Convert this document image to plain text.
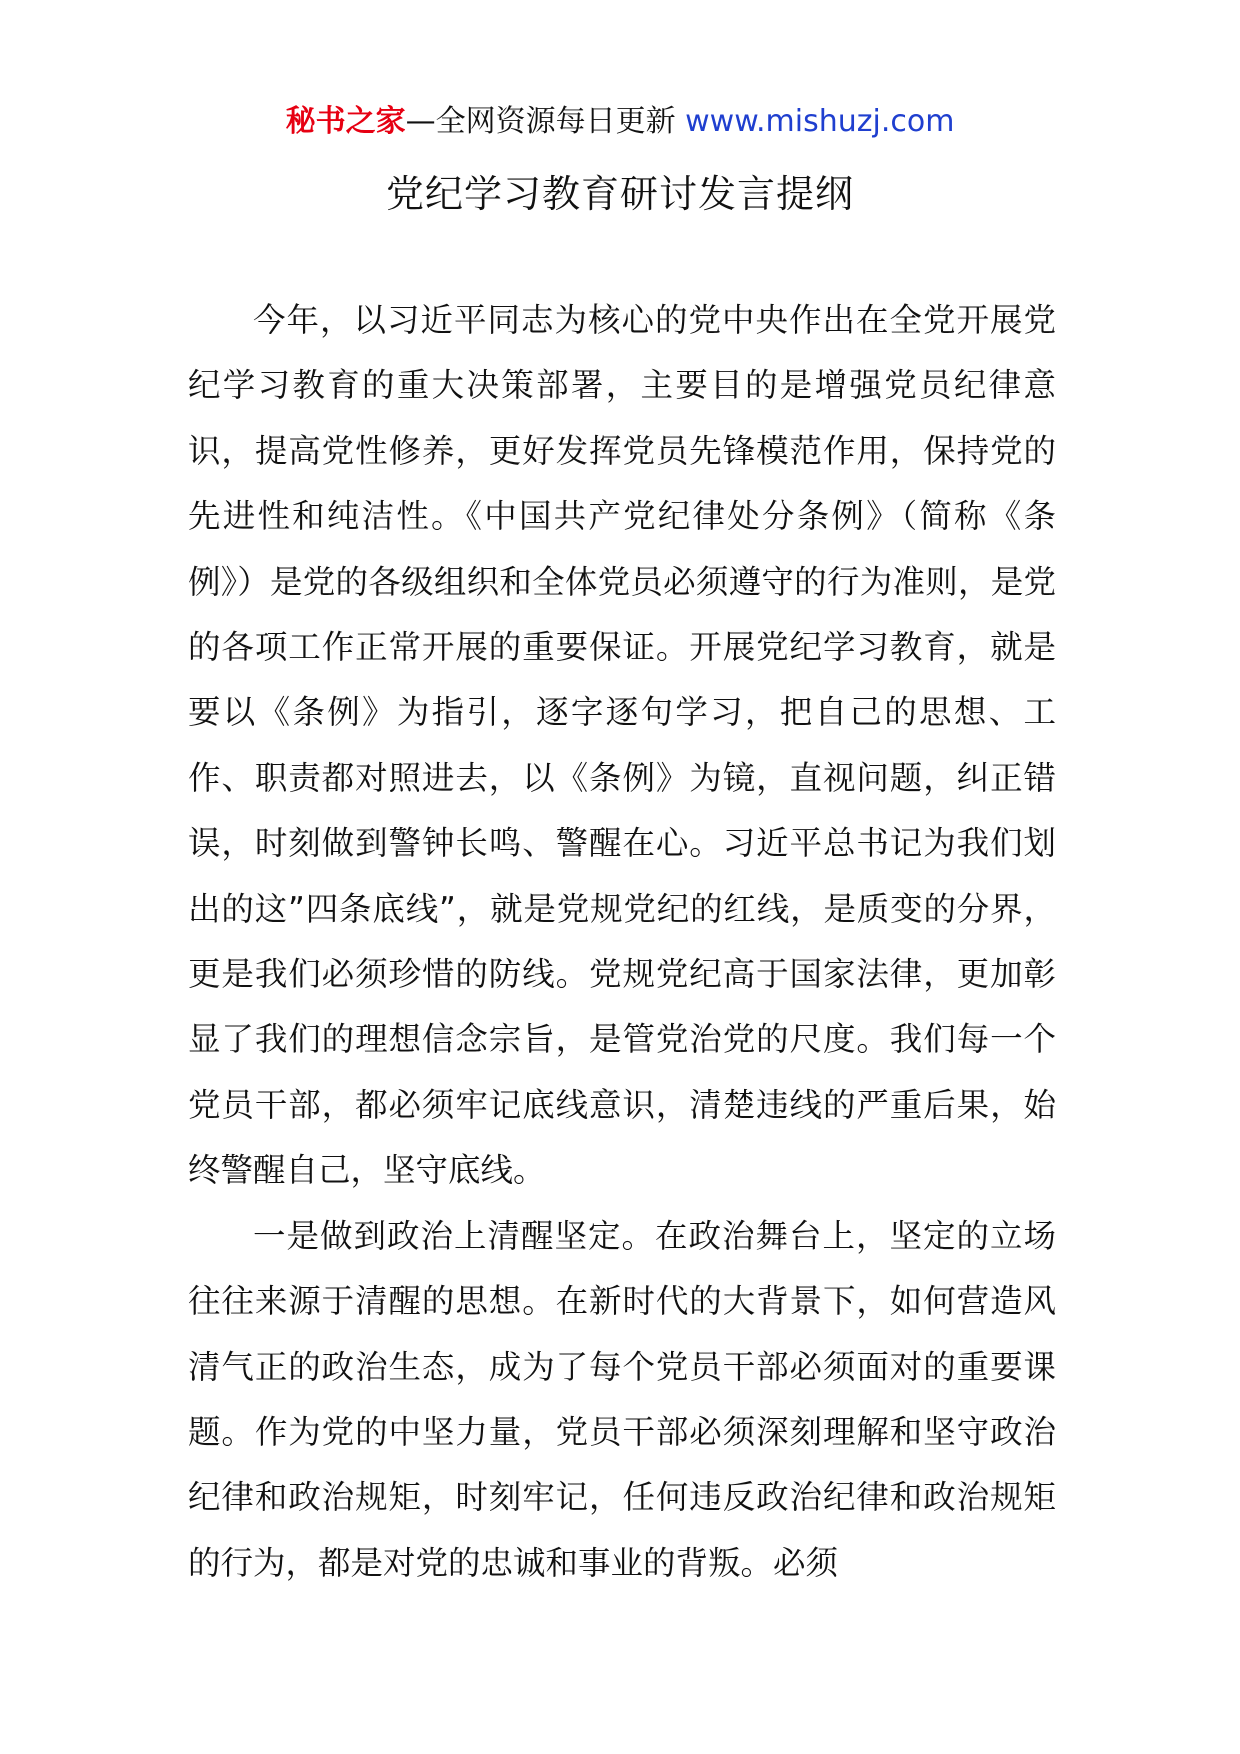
秘书之家—全网资源每日更新 www.mishuzj.com
党纪学习教育研讨发言提纲

今年，以习近平同志为核心的党中央作出在全党开展党纪学习教育的重大决策部署，主要目的是增强党员纪律意识，提高党性修养，更好发挥党员先锋模范作用，保持党的先进性和纯洁性。《中国共产党纪律处分条例》（简称《条例》）是党的各级组织和全体党员必须遵守的行为准则，是党的各项工作正常开展的重要保证。开展党纪学习教育，就是要以《条例》为指引，逐字逐句学习，把自己的思想、工作、职责都对照进去，以《条例》为镜，直视问题，纠正错误，时刻做到警钟长鸣、警醒在心。习近平总书记为我们划出的这”四条底线”，就是党规党纪的红线，是质变的分界，更是我们必须珍惜的防线。党规党纪高于国家法律，更加彰显了我们的理想信念宗旨，是管党治党的尺度。我们每一个党员干部，都必须牢记底线意识，清楚违线的严重后果，始终警醒自己，坚守底线。

一是做到政治上清醒坚定。在政治舞台上，坚定的立场往往来源于清醒的思想。在新时代的大背景下，如何营造风清气正的政治生态，成为了每个党员干部必须面对的重要课题。作为党的中坚力量，党员干部必须深刻理解和坚守政治纪律和政治规矩，时刻牢记，任何违反政治纪律和政治规矩的行为，都是对党的忠诚和事业的背叛。必须
